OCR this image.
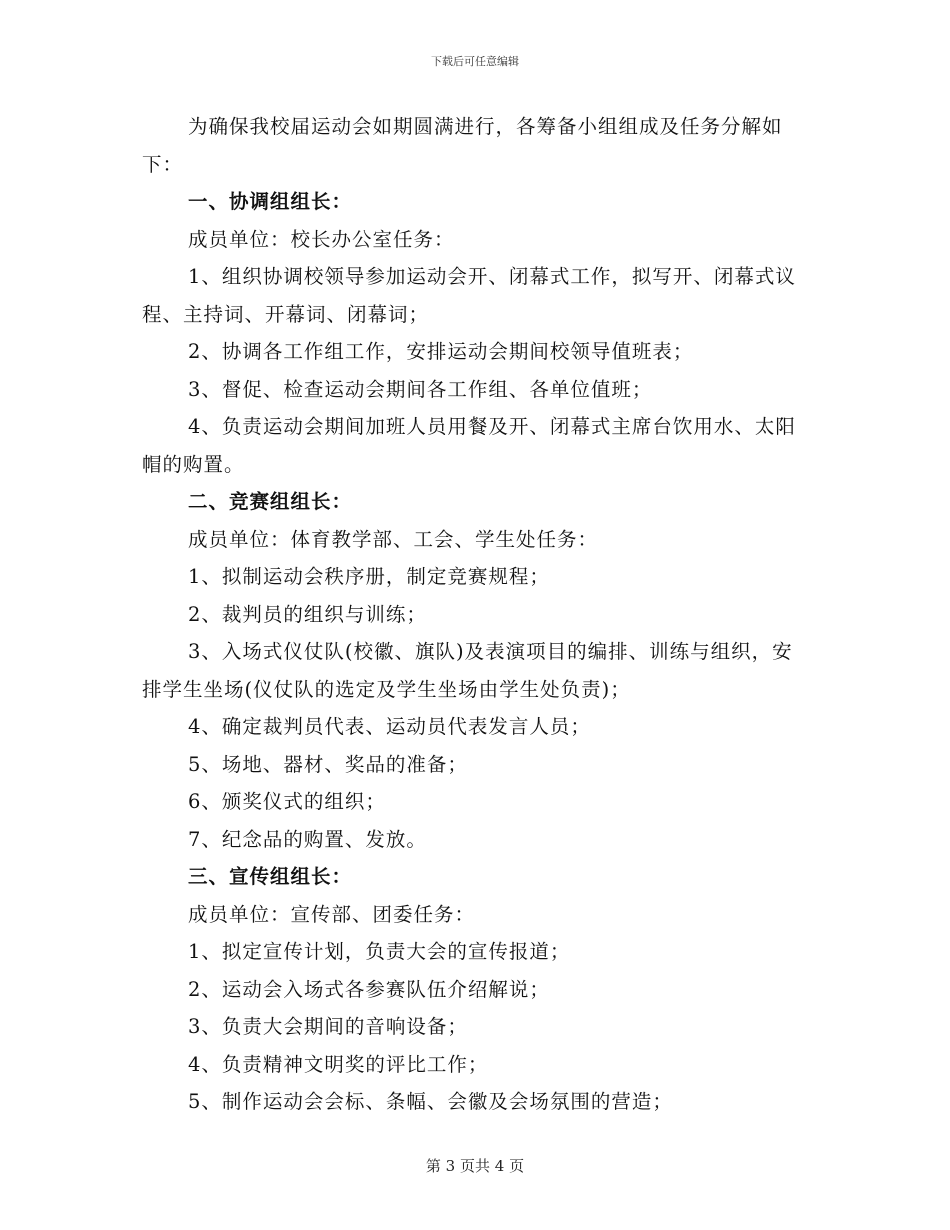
下载后可任意编辑

为确保我校届运动会如期圆满进行，各筹备小组组成及任务分解如下：

一、协调组组长：

成员单位：校长办公室任务：

1、组织协调校领导参加运动会开、闭幕式工作，拟写开、闭幕式议程、主持词、开幕词、闭幕词；

2、协调各工作组工作，安排运动会期间校领导值班表；

3、督促、检查运动会期间各工作组、各单位值班；

4、负责运动会期间加班人员用餐及开、闭幕式主席台饮用水、太阳帽的购置。

二、竞赛组组长：

成员单位：体育教学部、工会、学生处任务：

1、拟制运动会秩序册，制定竞赛规程；

2、裁判员的组织与训练；

3、入场式仪仗队(校徽、旗队)及表演项目的编排、训练与组织，安排学生坐场(仪仗队的选定及学生坐场由学生处负责)；

4、确定裁判员代表、运动员代表发言人员；

5、场地、器材、奖品的准备；

6、颁奖仪式的组织；

7、纪念品的购置、发放。

三、宣传组组长：

成员单位：宣传部、团委任务：

1、拟定宣传计划，负责大会的宣传报道；

2、运动会入场式各参赛队伍介绍解说；

3、负责大会期间的音响设备；

4、负责精神文明奖的评比工作；

5、制作运动会会标、条幅、会徽及会场氛围的营造；

第 3 页共 4 页
